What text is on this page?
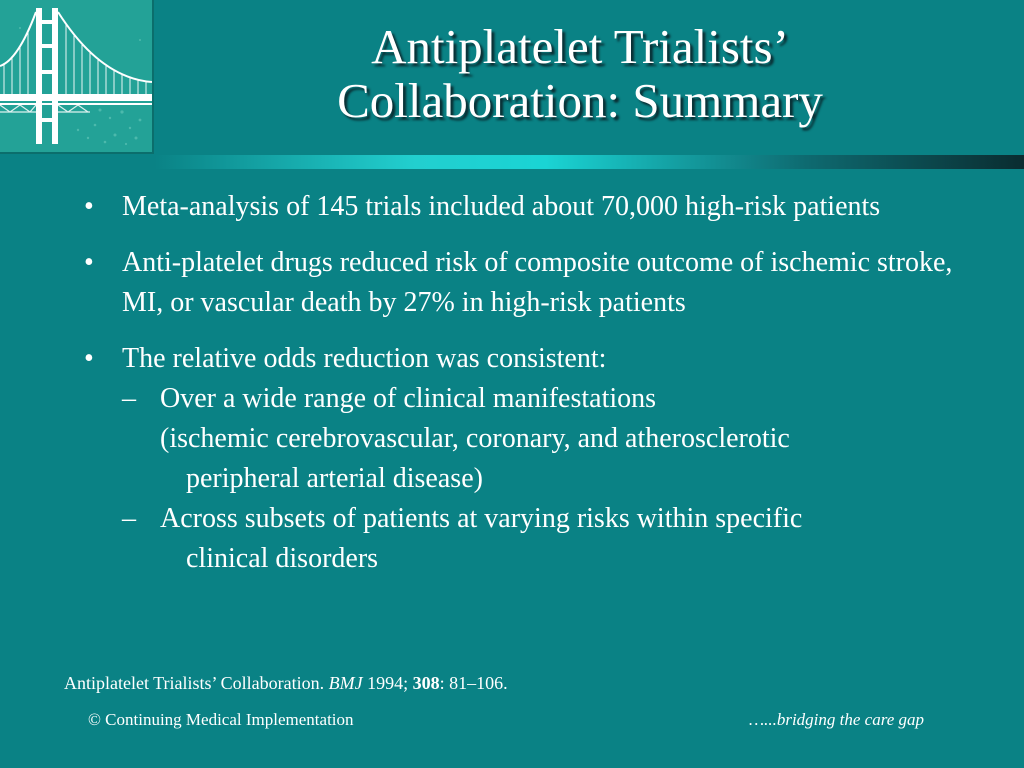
Antiplatelet Trialists’
Collaboration: Summary
• Meta-analysis of 145 trials included about 70,000 high-risk patients
• Anti-platelet drugs reduced risk of composite outcome of ischemic stroke, MI, or vascular death by 27% in high-risk patients
• The relative odds reduction was consistent:
– Over a wide range of clinical manifestations
(ischemic cerebrovascular, coronary, and atherosclerotic
peripheral arterial disease)
– Across subsets of patients at varying risks within specific
clinical disorders
Antiplatelet Trialists’ Collaboration. BMJ 1994; 308: 81–106.
© Continuing Medical Implementation	…...bridging the care gap
